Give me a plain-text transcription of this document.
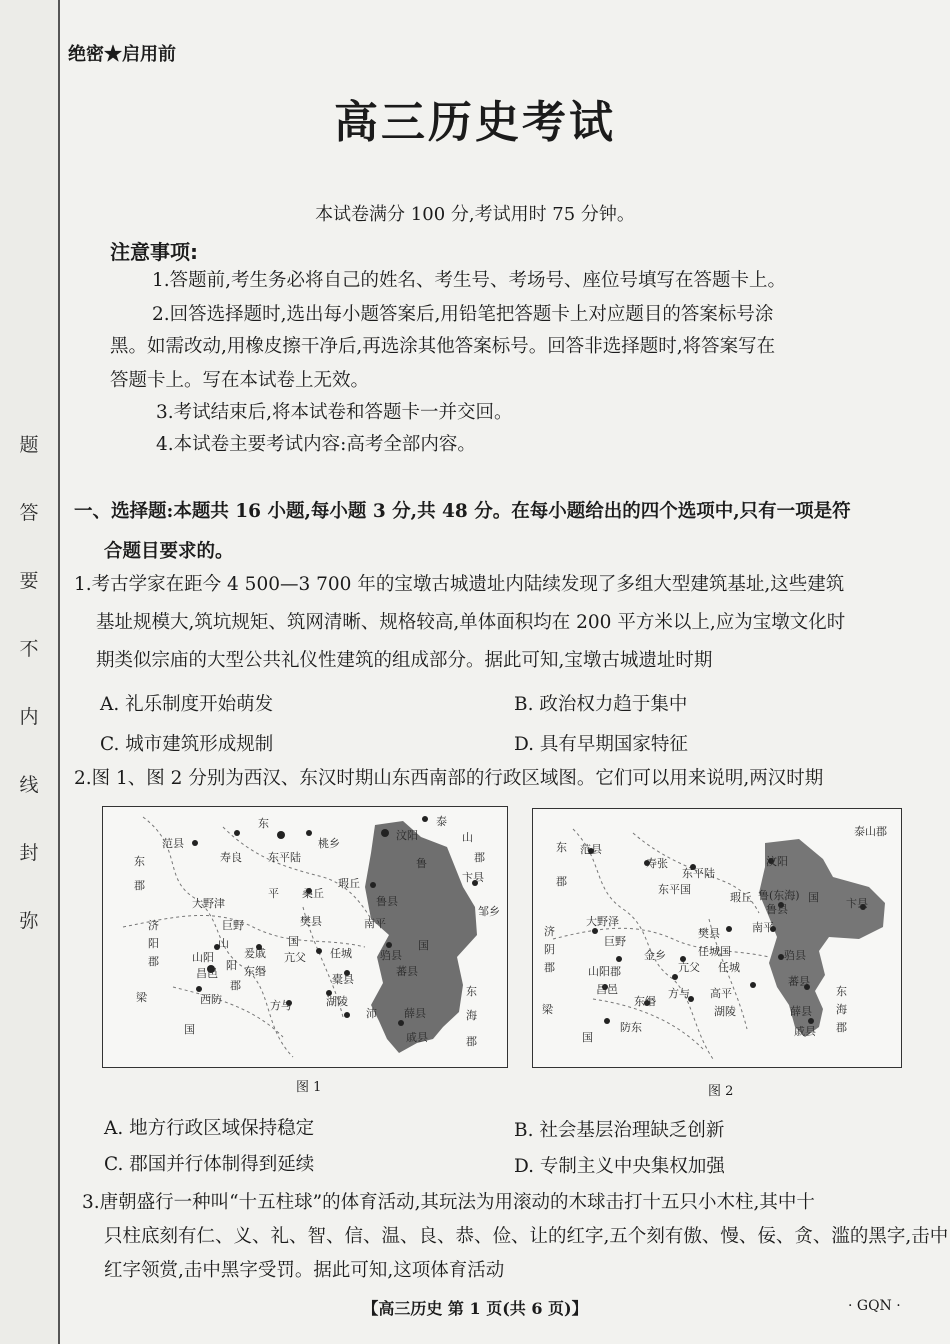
题
答
要
不
内
线
封
弥
绝密★启用前
高三历史考试
本试卷满分 100 分,考试用时 75 分钟。
注意事项:
1.答题前,考生务必将自己的姓名、考生号、考场号、座位号填写在答题卡上。
2.回答选择题时,选出每小题答案后,用铅笔把答题卡上对应题目的答案标号涂
黑。如需改动,用橡皮擦干净后,再选涂其他答案标号。回答非选择题时,将答案写在
答题卡上。写在本试卷上无效。
3.考试结束后,将本试卷和答题卡一并交回。
4.本试卷主要考试内容:高考全部内容。
一、选择题:本题共 16 小题,每小题 3 分,共 48 分。在每小题给出的四个选项中,只有一项是符
合题目要求的。
1.考古学家在距今 4 500—3 700 年的宝墩古城遗址内陆续发现了多组大型建筑基址,这些建筑
基址规模大,筑坑规矩、筑网清晰、规格较高,单体面积均在 200 平方米以上,应为宝墩文化时
期类似宗庙的大型公共礼仪性建筑的组成部分。据此可知,宝墩古城遗址时期
A. 礼乐制度开始萌发	B. 政治权力趋于集中
C. 城市建筑形成规制	D. 具有早期国家特征
2.图 1、图 2 分别为西汉、东汉时期山东西南部的行政区域图。它们可以用来说明,两汉时期
泰
山
郡
东
范县
寿良 东平陆
桃乡
汶阳
鲁
卞县
邹乡
东
郡
平 桑丘
瑕丘
鲁县
大野津
南平
济
阳
郡
巨野
国
樊县
山
阳
郡
山阳	爰戚 亢父 任城	驺县
国
昌邑 东缗	蕃县
梁	西防	方与	湖陵
橐县
东
海
郡
国
沛 薛县
戚县
图 1
泰山郡
东 范县
寿张
东平陆
汶阳
郡
东平国
瑕丘 鲁(东海) 国 卞县
鲁县
大野泽	南平
济
阴
巨野
樊县
郡
金乡	任城国	驺县
山阳郡	亢父 任城
蕃县
昌邑
东缗
方与 高平	东
海
梁	湖陵
郡
防东
国
薛县
戚县
图 2
A. 地方行政区域保持稳定	B. 社会基层治理缺乏创新
C. 郡国并行体制得到延续	D. 专制主义中央集权加强
3.唐朝盛行一种叫“十五柱球”的体育活动,其玩法为用滚动的木球击打十五只小木柱,其中十
只柱底刻有仁、义、礼、智、信、温、良、恭、俭、让的红字,五个刻有傲、慢、佞、贪、滥的黑字,击中
红字领赏,击中黑字受罚。据此可知,这项体育活动
【高三历史 第 1 页(共 6 页)】	· GQN ·
